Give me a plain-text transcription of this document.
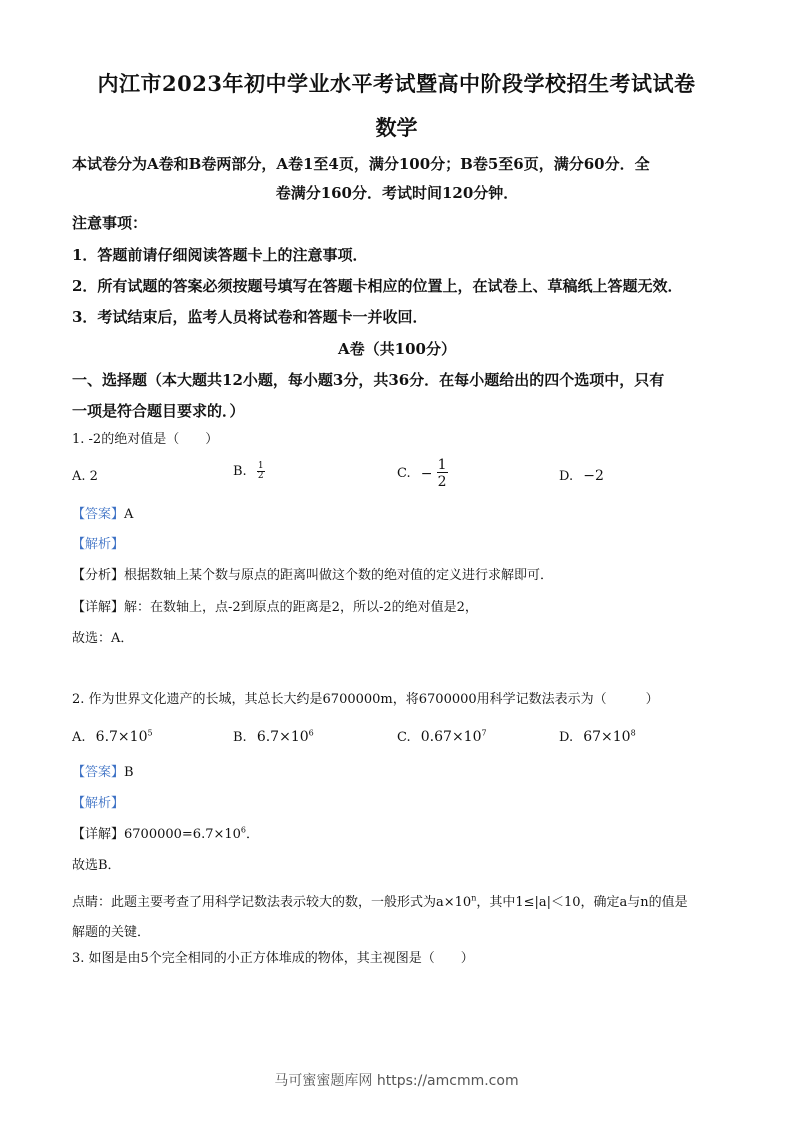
内江市2023年初中学业水平考试暨高中阶段学校招生考试试卷
数学
本试卷分为A卷和B卷两部分，A卷1至4页，满分100分；B卷5至6页，满分60分．全
卷满分160分．考试时间120分钟．
注意事项：
1．答题前请仔细阅读答题卡上的注意事项．
2．所有试题的答案必须按题号填写在答题卡相应的位置上，在试卷上、草稿纸上答题无效．
3．考试结束后，监考人员将试卷和答题卡一并收回．
A卷（共100分）
一、选择题（本大题共12小题，每小题3分，共36分．在每小题给出的四个选项中，只有
一项是符合题目要求的．）
1. -2的绝对值是（　　）
A. 2	B. $\frac{1}{2}$	C. − $\frac{1}{2}$	D. −2
【答案】A
【解析】
【分析】根据数轴上某个数与原点的距离叫做这个数的绝对值的定义进行求解即可．
【详解】解：在数轴上，点-2到原点的距离是2，所以-2的绝对值是2，
故选：A．
2. 作为世界文化遗产的长城，其总长大约是6700000m，将6700000用科学记数法表示为（　　　）
A. $6.7\times 10^5$	B. $6.7\times 10^6$	C. $0.67\times 10^7$	D. $67\times 10^8$
【答案】B
【解析】
【详解】$6700000=6.7\times 10^6$．
故选B．
点睛：此题主要考查了用科学记数法表示较大的数，一般形式为$a\times 10^n$，其中1≤|a|＜10，确定a与n的值是
解题的关键．
3. 如图是由5个完全相同的小正方体堆成的物体，其主视图是（　　）
马可蜜蜜题库网 https://amcmm.com
